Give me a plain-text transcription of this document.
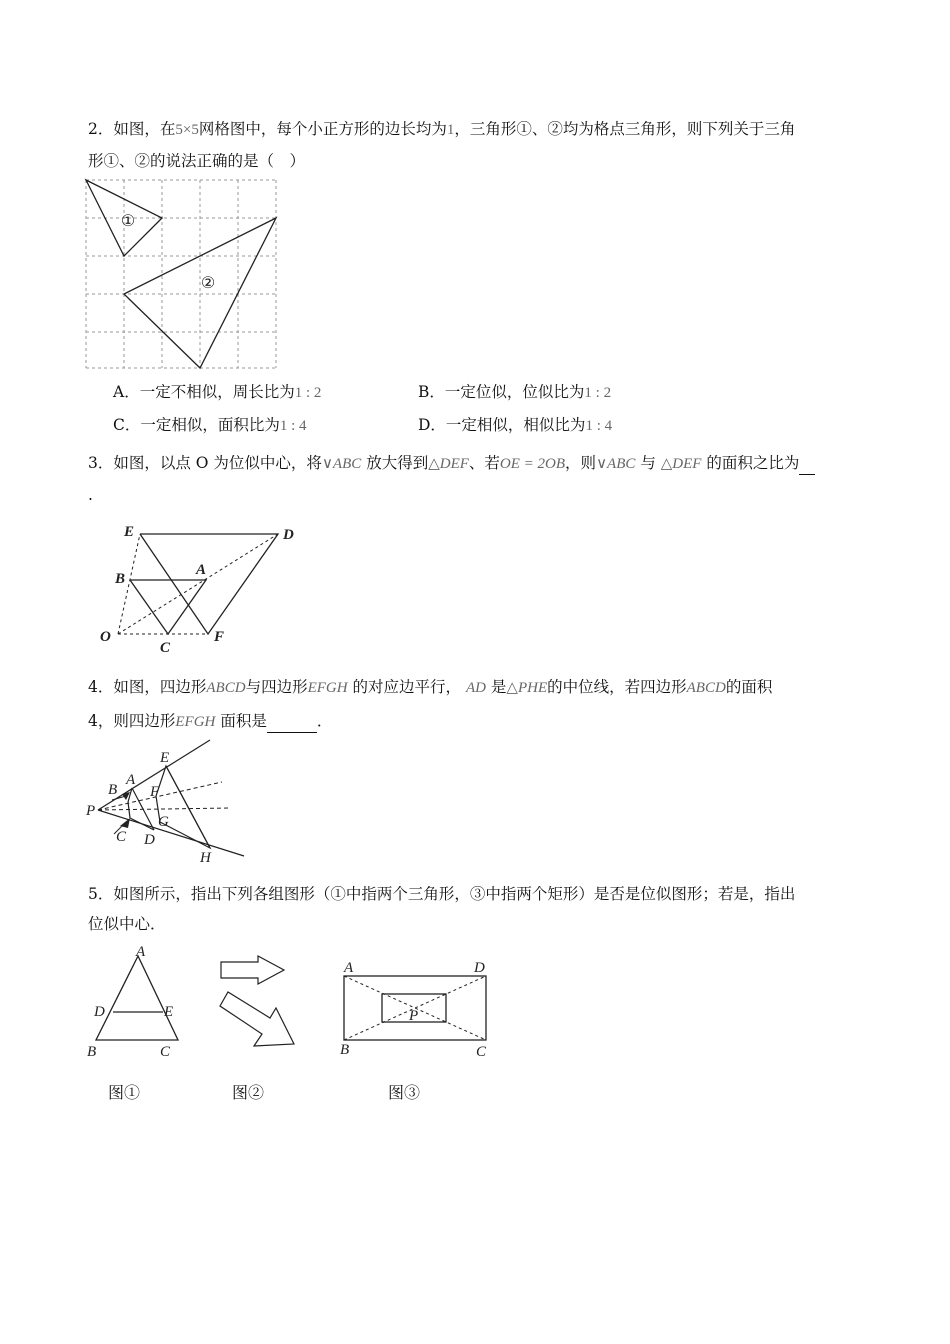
2．如图，在5×5网格图中，每个小正方形的边长均为1，三角形①、②均为格点三角形，则下列关于三角
形①、②的说法正确的是（　）
①
②
A．一定不相似，周长比为1 : 2	B．一定位似，位似比为1 : 2
C．一定相似，面积比为1 : 4	D．一定相似，相似比为1 : 4
3．如图，以点 O 为位似中心，将∨ABC 放大得到△DEF、若OE = 2OB，则∨ABC 与 △DEF 的面积之比为
.
E	D
B
A
O
C
F
4．如图，四边形ABCD与四边形EFGH 的对应边平行， AD 是△PHE的中位线，若四边形ABCD的面积
4，则四边形EFGH 面积是	．
E
B
A
F
P
G
C D
H
5．如图所示，指出下列各组图形（①中指两个三角形，③中指两个矩形）是否是位似图形；若是，指出
位似中心．
A
D	E
B	C
A	D
P
B	C
图①	图②	图③
